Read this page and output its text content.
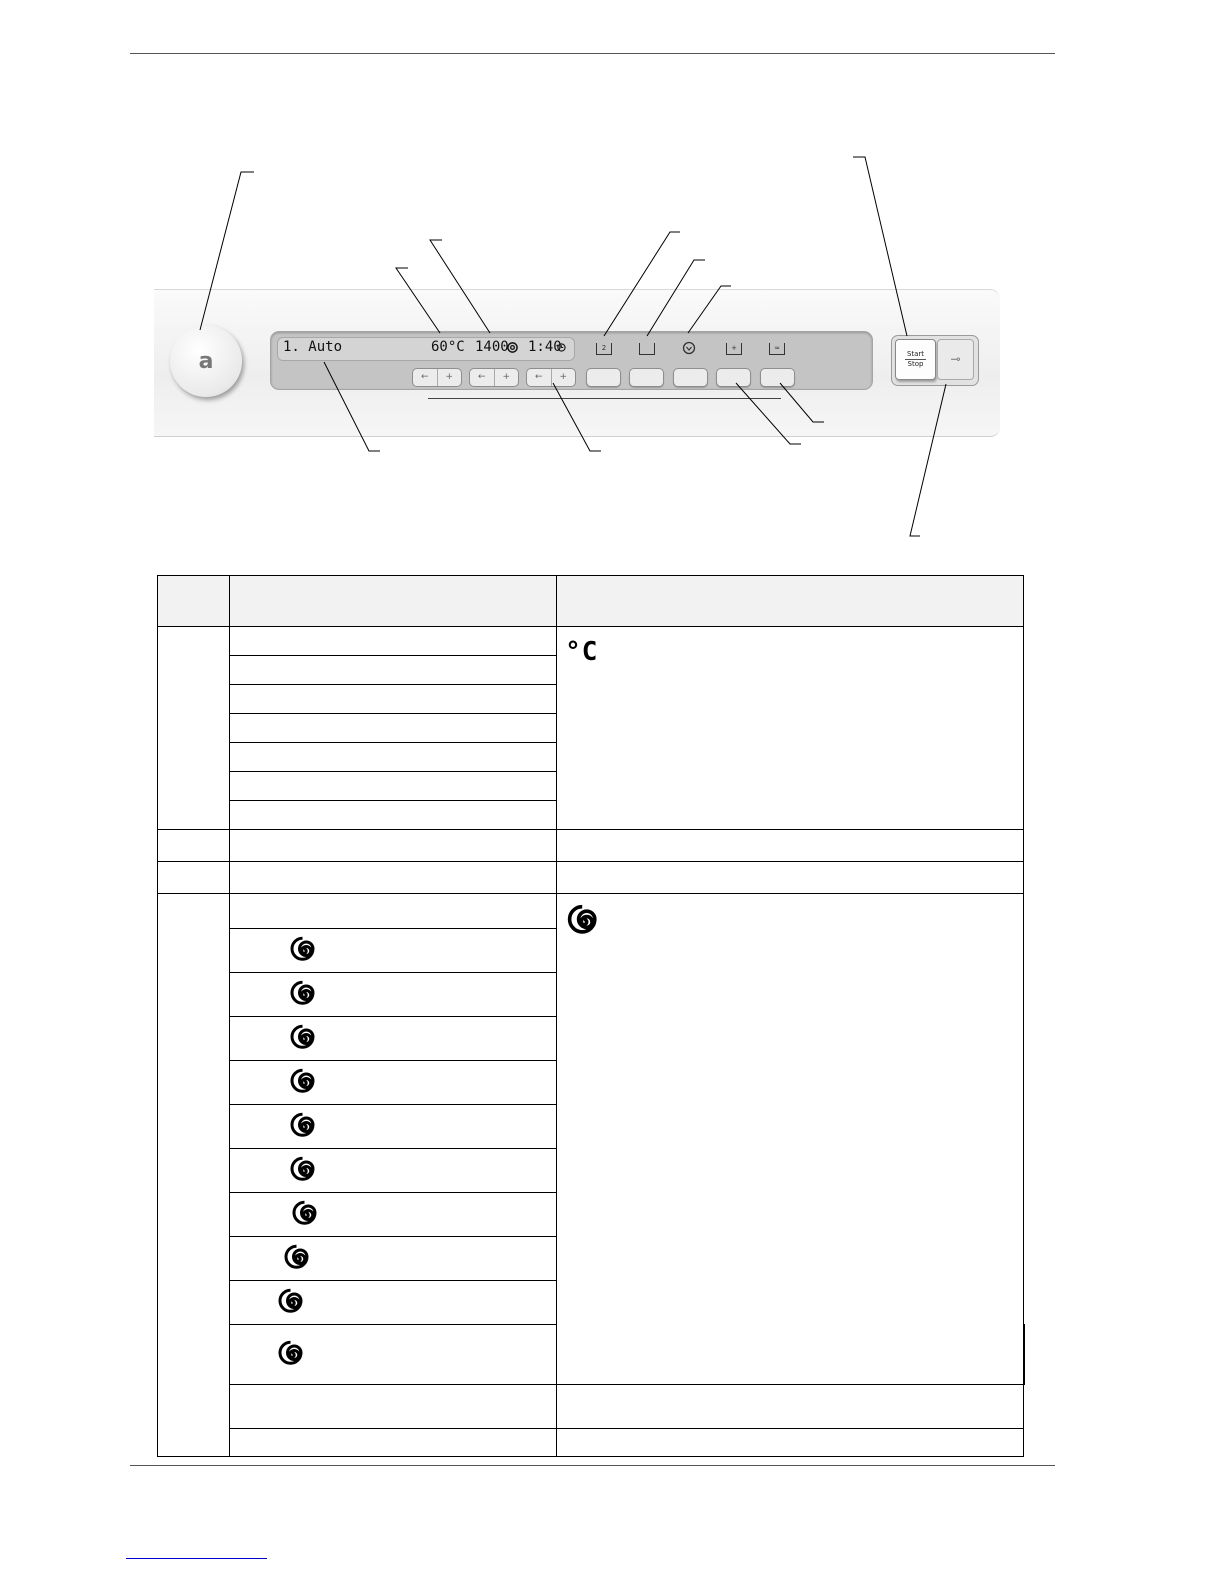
a
1. Auto	60°C 1400 1:40	2	+	≈
←	+	←	+	←	+
Start
Stop	⊸

		°C	
